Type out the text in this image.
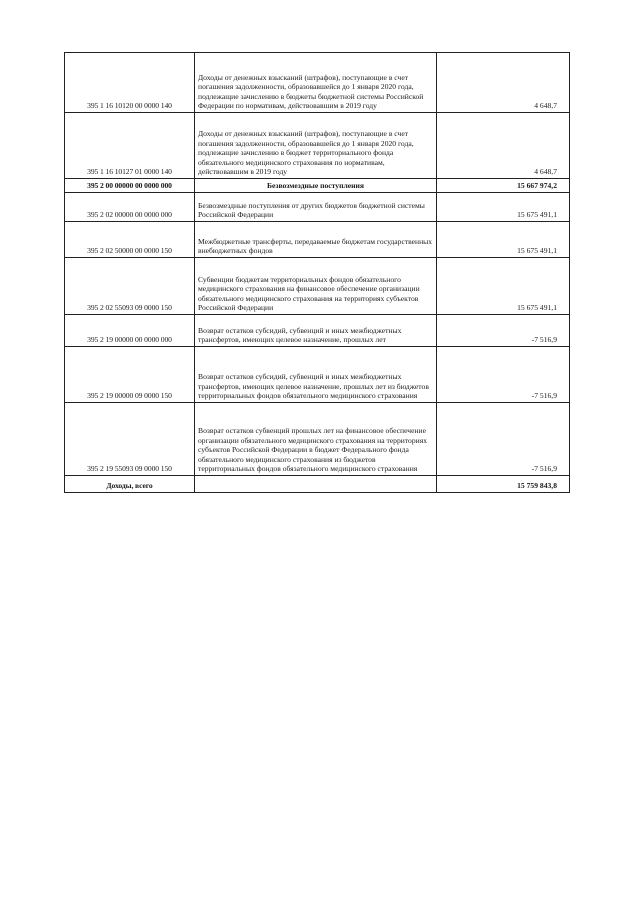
395 1 16 10120 00 0000 140	Доходы от денежных взысканий (штрафов), поступающие в счет погашения задолженности, образовавшейся до 1 января 2020 года, подлежащие зачислению в бюджеты бюджетной системы Российской Федерации по нормативам, действовавшим в 2019 году	4 648,7
395 1 16 10127 01 0000 140	Доходы от денежных взысканий (штрафов), поступающие в счет погашения задолженности, образовавшейся до 1 января 2020 года, подлежащие зачислению в бюджет территориального фонда обязательного медицинского страхования по нормативам, действовавшим в 2019 году	4 648,7
395 2 00 00000 00 0000 000	Безвозмездные поступления	15 667 974,2
395 2 02 00000 00 0000 000	Безвозмездные поступления от других бюджетов бюджетной системы Российской Федерации	15 675 491,1
395 2 02 50000 00 0000 150	Межбюджетные трансферты, передаваемые бюджетам государственных внебюджетных фондов	15 675 491,1
395 2 02 55093 09 0000 150	Субвенции бюджетам территориальных фондов обязательного медицинского страхования на финансовое обеспечение организации обязательного медицинского страхования на территориях субъектов Российской Федерации	15 675 491,1
395 2 19 00000 00 0000 000	Возврат остатков субсидий, субвенций и иных межбюджетных трансфертов, имеющих целевое назначение, прошлых лет	-7 516,9
395 2 19 00000 09 0000 150	Возврат остатков субсидий, субвенций и иных межбюджетных трансфертов, имеющих целевое назначение, прошлых лет из бюджетов территориальных фондов обязательного медицинского страхования	-7 516,9
395 2 19 55093 09 0000 150	Возврат остатков субвенций прошлых лет на финансовое обеспечение организации обязательного медицинского страхования на территориях субъектов Российской Федерации в бюджет Федерального фонда обязательного медицинского страхования из бюджетов территориальных фондов обязательного медицинского страхования	-7 516,9
Доходы, всего		15 759 843,8
